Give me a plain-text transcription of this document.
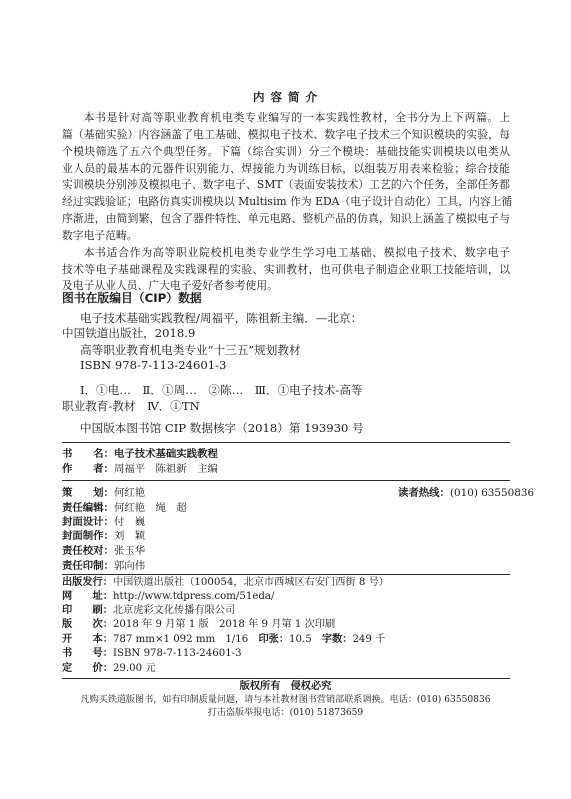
内 容 简 介
本书是针对高等职业教育机电类专业编写的一本实践性教材，全书分为上下两篇。上
篇（基础实验）内容涵盖了电工基础、模拟电子技术、数字电子技术三个知识模块的实验，每
个模块筛选了五六个典型任务。下篇（综合实训）分三个模块：基础技能实训模块以电类从
业人员的最基本的元器件识别能力、焊接能力为训练目标，以组装万用表来检验；综合技能
实训模块分别涉及模拟电子、数字电子、SMT（表面安装技术）工艺的六个任务，全部任务都
经过实践验证；电路仿真实训模块以 Multisim 作为 EDA（电子设计自动化）工具，内容上循
序渐进，由简到繁，包含了器件特性、单元电路、整机产品的仿真，知识上涵盖了模拟电子与
数字电子范畴。
本书适合作为高等职业院校机电类专业学生学习电工基础、模拟电子技术、数字电子
技术等电子基础课程及实践课程的实验、实训教材，也可供电子制造企业职工技能培训，以
及电子从业人员、广大电子爱好者参考使用。
图书在版编目（CIP）数据
电子技术基础实践教程/周福平，陈祖新主编．—北京：
中国铁道出版社，2018.9
高等职业教育机电类专业“十三五”规划教材
ISBN 978-7-113-24601-3
Ⅰ．①电…　Ⅱ．①周…　②陈…　Ⅲ．①电子技术-高等
职业教育-教材　Ⅳ．①TN
中国版本图书馆 CIP 数据核字（2018）第 193930 号
书　　名：电子技术基础实践教程
作　　者：周福平　陈祖新　主编
策　　划：何红艳	读者热线：(010) 63550836
责任编辑：何红艳　绳　超
封面设计：付　巍
封面制作：刘　颖
责任校对：张玉华
责任印制：郭向伟
出版发行：中国铁道出版社（100054，北京市西城区右安门西街 8 号）
网　　址：http://www.tdpress.com/51eda/
印　　刷：北京虎彩文化传播有限公司
版　　次：2018 年 9 月第 1 版　2018 年 9 月第 1 次印刷
开　　本：787 mm×1 092 mm　1/16　 印张：10.5　 字数：249 千
书　　号：ISBN 978-7-113-24601-3
定　　价：29.00 元
版权所有　侵权必究
凡购买铁道版图书，如有印制质量问题，请与本社教材图书营销部联系调换。电话：(010) 63550836
打击盗版举报电话：(010) 51873659
